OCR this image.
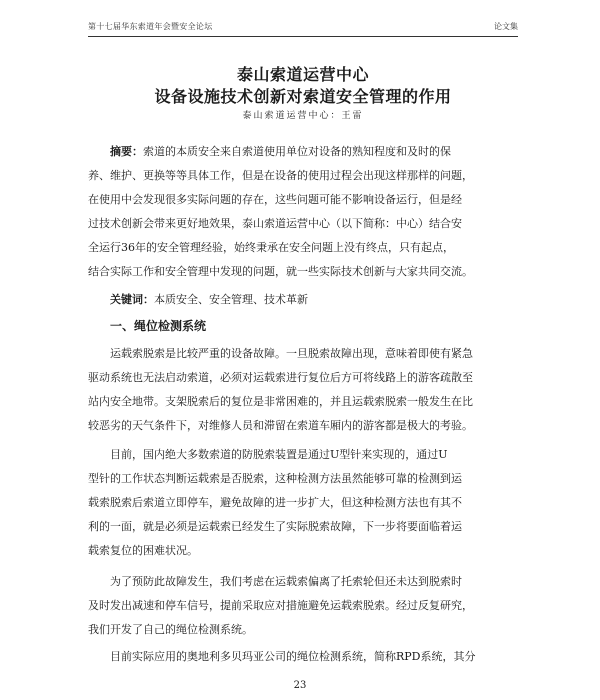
第十七届华东索道年会暨安全论坛	论文集
泰山索道运营中心
设备设施技术创新对索道安全管理的作用
泰山索道运营中心：王雷
摘要：索道的本质安全来自索道使用单位对设备的熟知程度和及时的保
养、维护、更换等等具体工作，但是在设备的使用过程会出现这样那样的问题，
在使用中会发现很多实际问题的存在，这些问题可能不影响设备运行，但是经
过技术创新会带来更好地效果，泰山索道运营中心（以下简称：中心）结合安
全运行36年的安全管理经验，始终秉承在安全问题上没有终点，只有起点，
结合实际工作和安全管理中发现的问题，就一些实际技术创新与大家共同交流。
关键词：本质安全、安全管理、技术革新
一、绳位检测系统
运载索脱索是比较严重的设备故障。一旦脱索故障出现，意味着即使有紧急
驱动系统也无法启动索道，必须对运载索进行复位后方可将线路上的游客疏散至
站内安全地带。支架脱索后的复位是非常困难的，并且运载索脱索一般发生在比
较恶劣的天气条件下，对维修人员和滞留在索道车厢内的游客都是极大的考验。
目前，国内绝大多数索道的防脱索装置是通过U型针来实现的，通过U
型针的工作状态判断运载索是否脱索，这种检测方法虽然能够可靠的检测到运
载索脱索后索道立即停车，避免故障的进一步扩大，但这种检测方法也有其不
利的一面，就是必须是运载索已经发生了实际脱索故障，下一步将要面临着运
载索复位的困难状况。
为了预防此故障发生，我们考虑在运载索偏离了托索轮但还未达到脱索时
及时发出减速和停车信号，提前采取应对措施避免运载索脱索。经过反复研究，
我们开发了自己的绳位检测系统。
目前实际应用的奥地利多贝玛亚公司的绳位检测系统，简称RPD系统，其分
23
